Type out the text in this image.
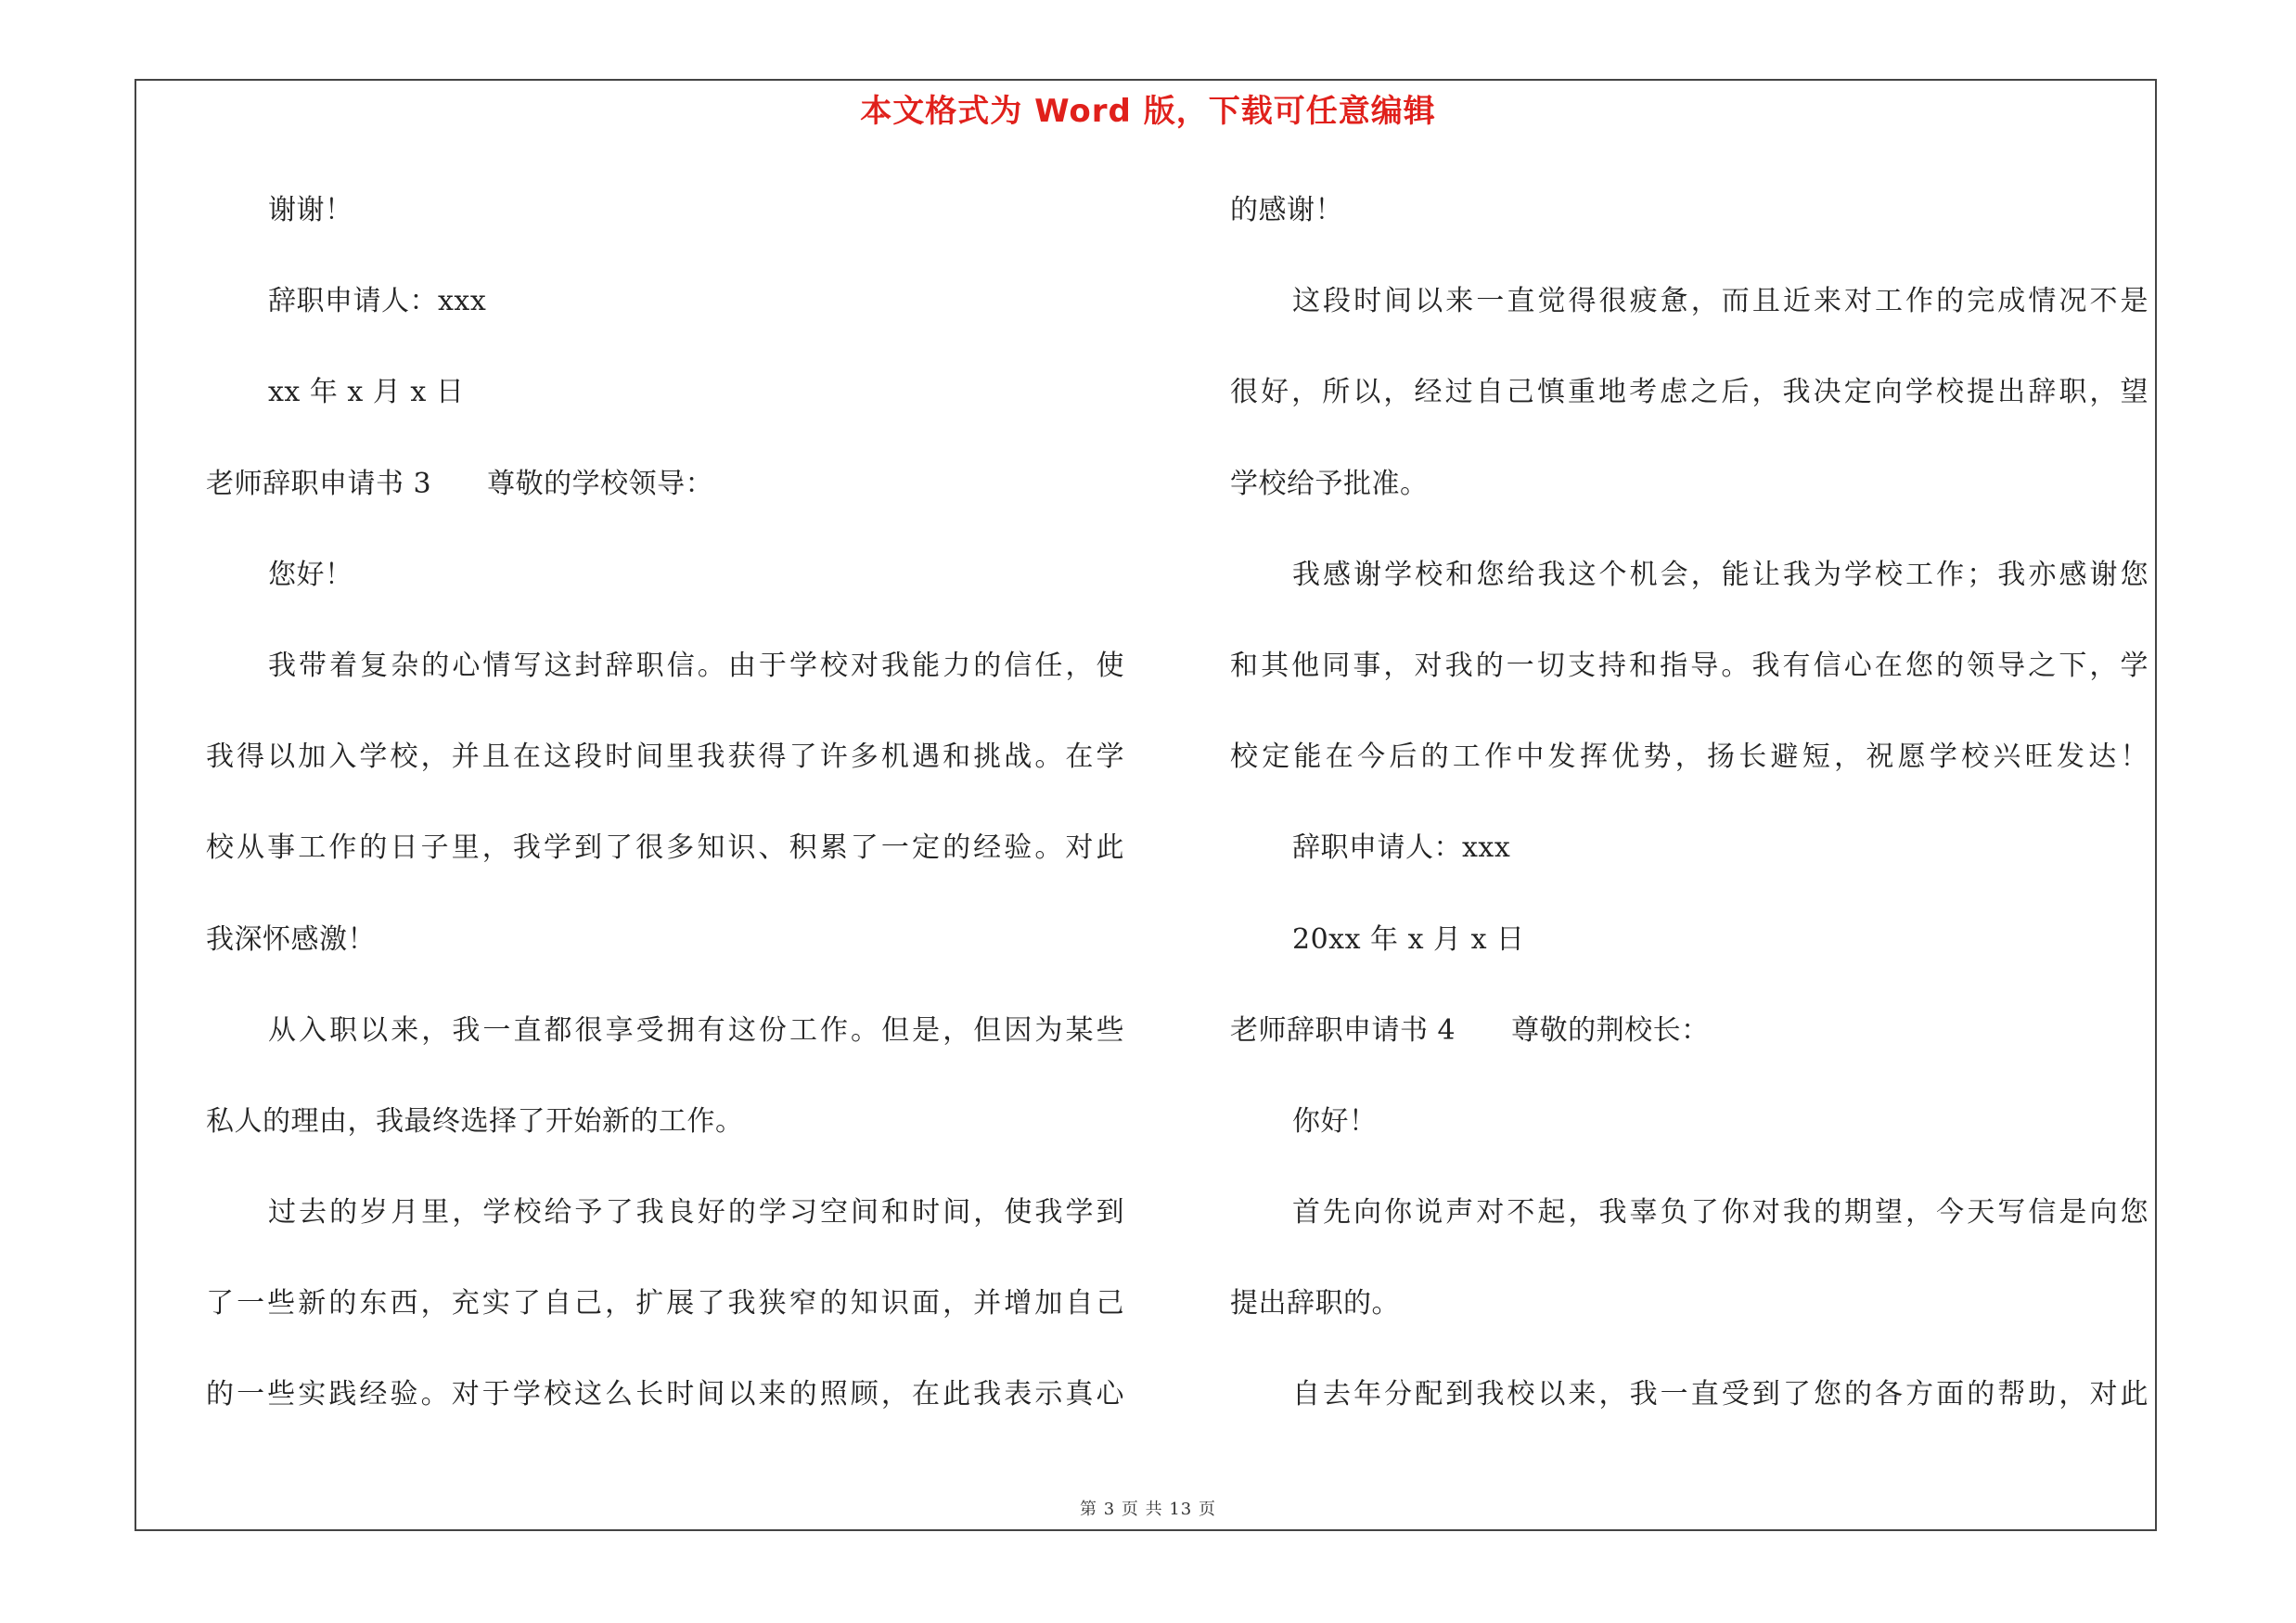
本文格式为 Word 版，下载可任意编辑
谢谢！
辞职申请人：xxx
xx 年 x 月 x 日
老师辞职申请书 3 尊敬的学校领导：
您好！
我带着复杂的心情写这封辞职信。由于学校对我能力的信任，使
我得以加入学校，并且在这段时间里我获得了许多机遇和挑战。在学
校从事工作的日子里，我学到了很多知识、积累了一定的经验。对此
我深怀感激！
从入职以来，我一直都很享受拥有这份工作。但是，但因为某些
私人的理由，我最终选择了开始新的工作。
过去的岁月里，学校给予了我良好的学习空间和时间，使我学到
了一些新的东西，充实了自己，扩展了我狭窄的知识面，并增加自己
的一些实践经验。对于学校这么长时间以来的照顾，在此我表示真心
的感谢！
这段时间以来一直觉得很疲惫，而且近来对工作的完成情况不是
很好，所以，经过自己慎重地考虑之后，我决定向学校提出辞职，望
学校给予批准。
我感谢学校和您给我这个机会，能让我为学校工作；我亦感谢您
和其他同事，对我的一切支持和指导。我有信心在您的领导之下，学
校定能在今后的工作中发挥优势，扬长避短，祝愿学校兴旺发达！
辞职申请人：xxx
20xx 年 x 月 x 日
老师辞职申请书 4 尊敬的荆校长：
你好！
首先向你说声对不起，我辜负了你对我的期望，今天写信是向您
提出辞职的。
自去年分配到我校以来，我一直受到了您的各方面的帮助，对此
第 3 页 共 13 页
